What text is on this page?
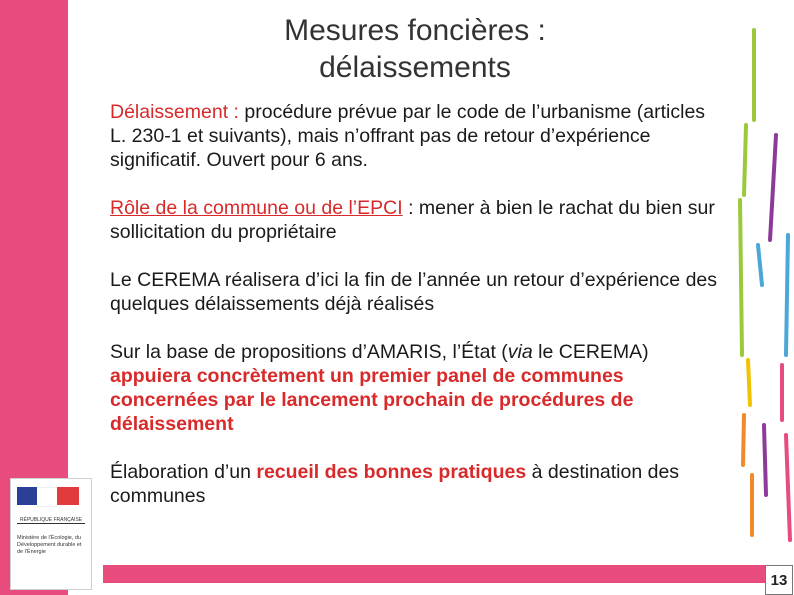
Mesures foncières :
délaissements

Délaissement : procédure prévue par le code de l’urbanisme (articles L. 230‑1 et suivants), mais n’offrant pas de retour d’expérience significatif. Ouvert pour 6 ans.

Rôle de la commune ou de l’EPCI : mener à bien le rachat du bien sur sollicitation du propriétaire

Le CEREMA réalisera d’ici la fin de l’année un retour d’expérience des quelques délaissements déjà réalisés

Sur la base de propositions d’AMARIS, l’État (via le CEREMA) appuiera concrètement un premier panel de communes concernées par le lancement prochain de procédures de délaissement

Élaboration d’un recueil des bonnes pratiques à destination des communes

RÉPUBLIQUE FRANÇAISE
Ministère de l'Écologie, du Développement durable et de l'Énergie
13
